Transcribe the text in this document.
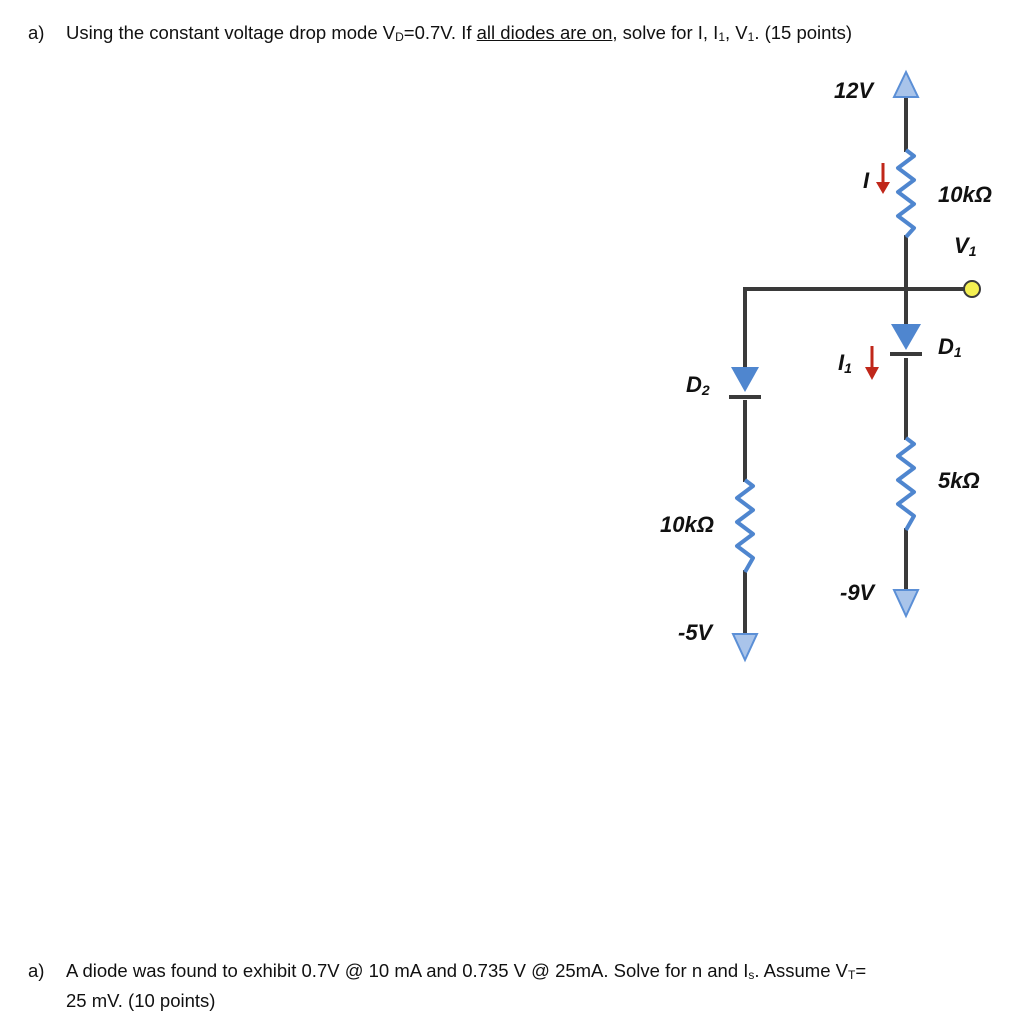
a) Using the constant voltage drop mode $V_D=0.7V$. If all diodes are on, solve for I, $I_1$, $V_1$. (15 points)
12V
I
10kΩ
$V_1$
$D_1$
$I_1$
$D_2$
5kΩ
10kΩ
-9V
-5V
a) A diode was found to exhibit 0.7V @ 10 mA and 0.735 V @ 25mA. Solve for n and $I_s$. Assume $V_T=$
25 mV. (10 points)
